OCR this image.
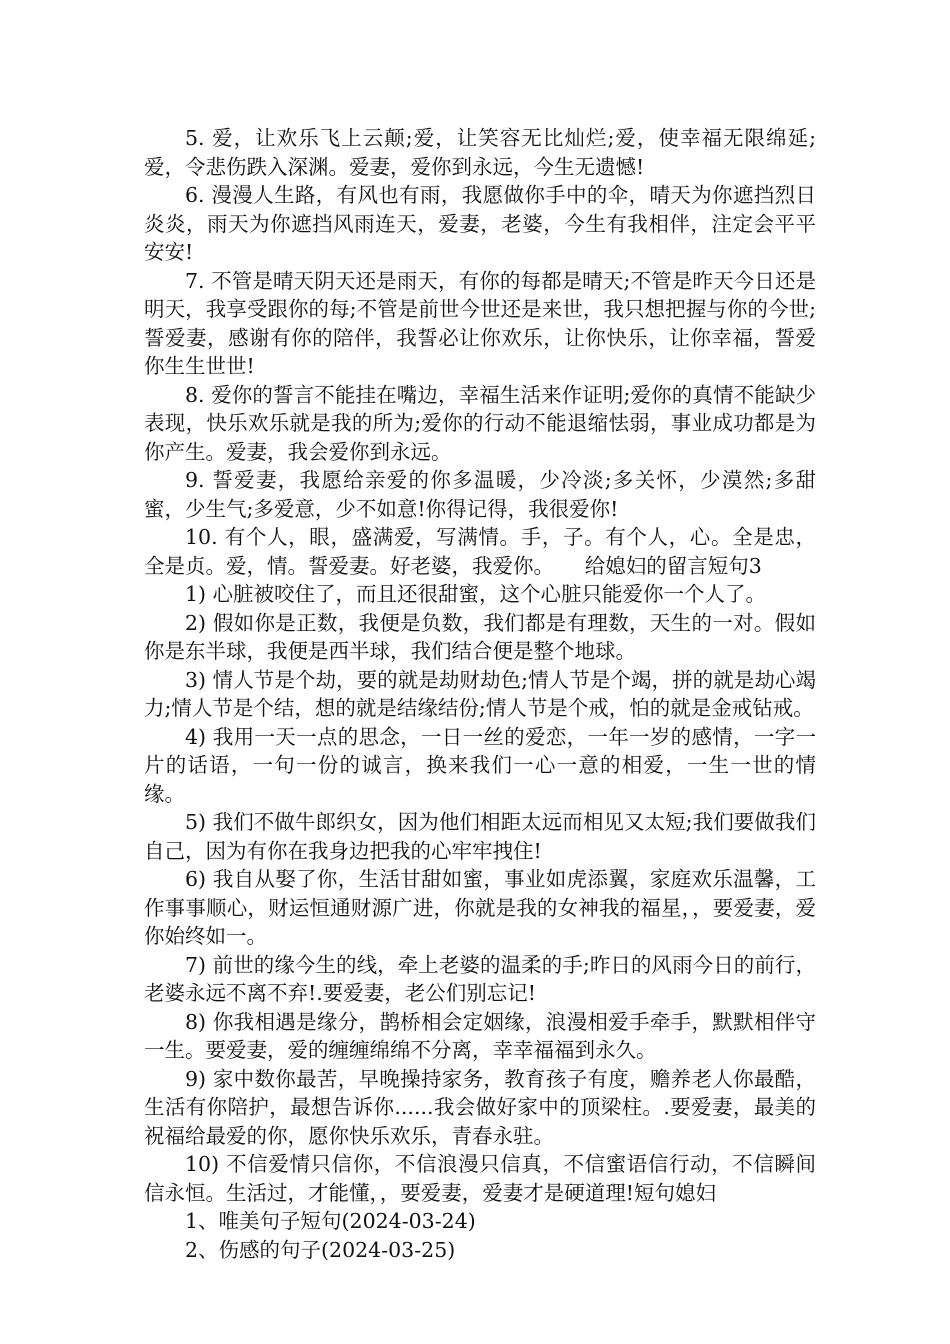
5. 爱，让欢乐飞上云颠;爱，让笑容无比灿烂;爱，使幸福无限绵延;爱，令悲伤跌入深渊。爱妻，爱你到永远，今生无遗憾!

6. 漫漫人生路，有风也有雨，我愿做你手中的伞，晴天为你遮挡烈日炎炎，雨天为你遮挡风雨连天，爱妻，老婆，今生有我相伴，注定会平平安安!

7. 不管是晴天阴天还是雨天，有你的每都是晴天;不管是昨天今日还是明天，我享受跟你的每;不管是前世今世还是来世，我只想把握与你的今世;誓爱妻，感谢有你的陪伴，我誓必让你欢乐，让你快乐，让你幸福，誓爱你生生世世!

8. 爱你的誓言不能挂在嘴边，幸福生活来作证明;爱你的真情不能缺少表现，快乐欢乐就是我的所为;爱你的行动不能退缩怯弱，事业成功都是为你产生。爱妻，我会爱你到永远。

9. 誓爱妻，我愿给亲爱的你多温暖，少冷淡;多关怀，少漠然;多甜蜜，少生气;多爱意，少不如意!你得记得，我很爱你!

10. 有个人，眼，盛满爱，写满情。手，子。有个人，心。全是忠，全是贞。爱，情。誓爱妻。好老婆，我爱你。　　给媳妇的留言短句3

1) 心脏被咬住了，而且还很甜蜜，这个心脏只能爱你一个人了。

2) 假如你是正数，我便是负数，我们都是有理数，天生的一对。假如你是东半球，我便是西半球，我们结合便是整个地球。

3) 情人节是个劫，要的就是劫财劫色;情人节是个竭，拼的就是劫心竭力;情人节是个结，想的就是结缘结份;情人节是个戒，怕的就是金戒钻戒。

4) 我用一天一点的思念，一日一丝的爱恋，一年一岁的感情，一字一片的话语，一句一份的诚言，换来我们一心一意的相爱，一生一世的情缘。

5) 我们不做牛郎织女，因为他们相距太远而相见又太短;我们要做我们自己，因为有你在我身边把我的心牢牢拽住!

6) 我自从娶了你，生活甘甜如蜜，事业如虎添翼，家庭欢乐温馨，工作事事顺心，财运恒通财源广进，你就是我的女神我的福星，，要爱妻，爱你始终如一。

7) 前世的缘今生的线，牵上老婆的温柔的手;昨日的风雨今日的前行，老婆永远不离不弃!.要爱妻，老公们别忘记!

8) 你我相遇是缘分，鹊桥相会定姻缘，浪漫相爱手牵手，默默相伴守一生。要爱妻，爱的缠缠绵绵不分离，幸幸福福到永久。

9) 家中数你最苦，早晚操持家务，教育孩子有度，赡养老人你最酷，生活有你陪护，最想告诉你......我会做好家中的顶梁柱。.要爱妻，最美的祝福给最爱的你，愿你快乐欢乐，青春永驻。

10) 不信爱情只信你，不信浪漫只信真，不信蜜语信行动，不信瞬间信永恒。生活过，才能懂，，要爱妻，爱妻才是硬道理!短句媳妇

1、唯美句子短句(2024-03-24)
2、伤感的句子(2024-03-25)
